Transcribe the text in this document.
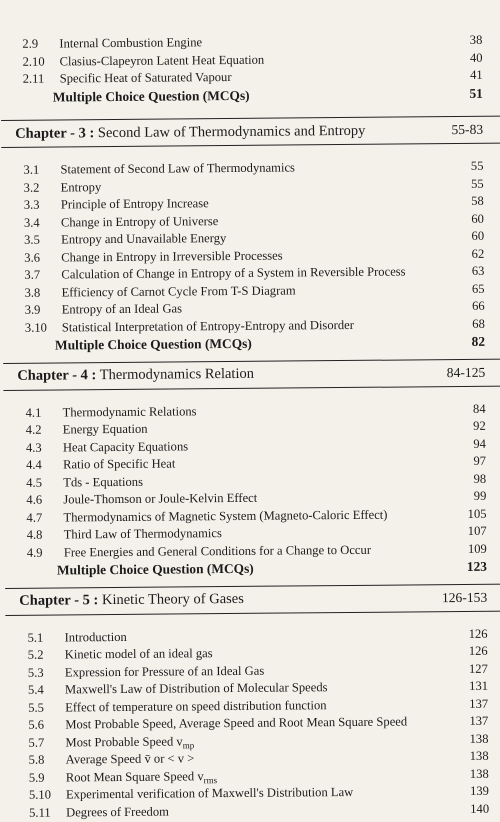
2.9	Internal Combustion Engine	38
2.10	Clasius-Clapeyron Latent Heat Equation	40
2.11	Specific Heat of Saturated Vapour	41
Multiple Choice Question (MCQs)	51
Chapter - 3 : Second Law of Thermodynamics and Entropy	55-83
3.1	Statement of Second Law of Thermodynamics	55
3.2	Entropy	55
3.3	Principle of Entropy Increase	58
3.4	Change in Entropy of Universe	60
3.5	Entropy and Unavailable Energy	60
3.6	Change in Entropy in Irreversible Processes	62
3.7	Calculation of Change in Entropy of a System in Reversible Process	63
3.8	Efficiency of Carnot Cycle From T-S Diagram	65
3.9	Entropy of an Ideal Gas	66
3.10	Statistical Interpretation of Entropy-Entropy and Disorder	68
Multiple Choice Question (MCQs)	82
Chapter - 4 : Thermodynamics Relation	84-125
4.1	Thermodynamic Relations	84
4.2	Energy Equation	92
4.3	Heat Capacity Equations	94
4.4	Ratio of Specific Heat	97
4.5	Tds - Equations	98
4.6	Joule-Thomson or Joule-Kelvin Effect	99
4.7	Thermodynamics of Magnetic System (Magneto-Caloric Effect)	105
4.8	Third Law of Thermodynamics	107
4.9	Free Energies and General Conditions for a Change to Occur	109
Multiple Choice Question (MCQs)	123
Chapter - 5 : Kinetic Theory of Gases	126-153
5.1	Introduction	126
5.2	Kinetic model of an ideal gas	126
5.3	Expression for Pressure of an Ideal Gas	127
5.4	Maxwell's Law of Distribution of Molecular Speeds	131
5.5	Effect of temperature on speed distribution function	137
5.6	Most Probable Speed, Average Speed and Root Mean Square Speed	137
5.7	Most Probable Speed $v_{mp}$	138
5.8	Average Speed v̄ or < v >	138
5.9	Root Mean Square Speed $v_{rms}$	138
5.10	Experimental verification of Maxwell's Distribution Law	139
5.11	Degrees of Freedom	140
